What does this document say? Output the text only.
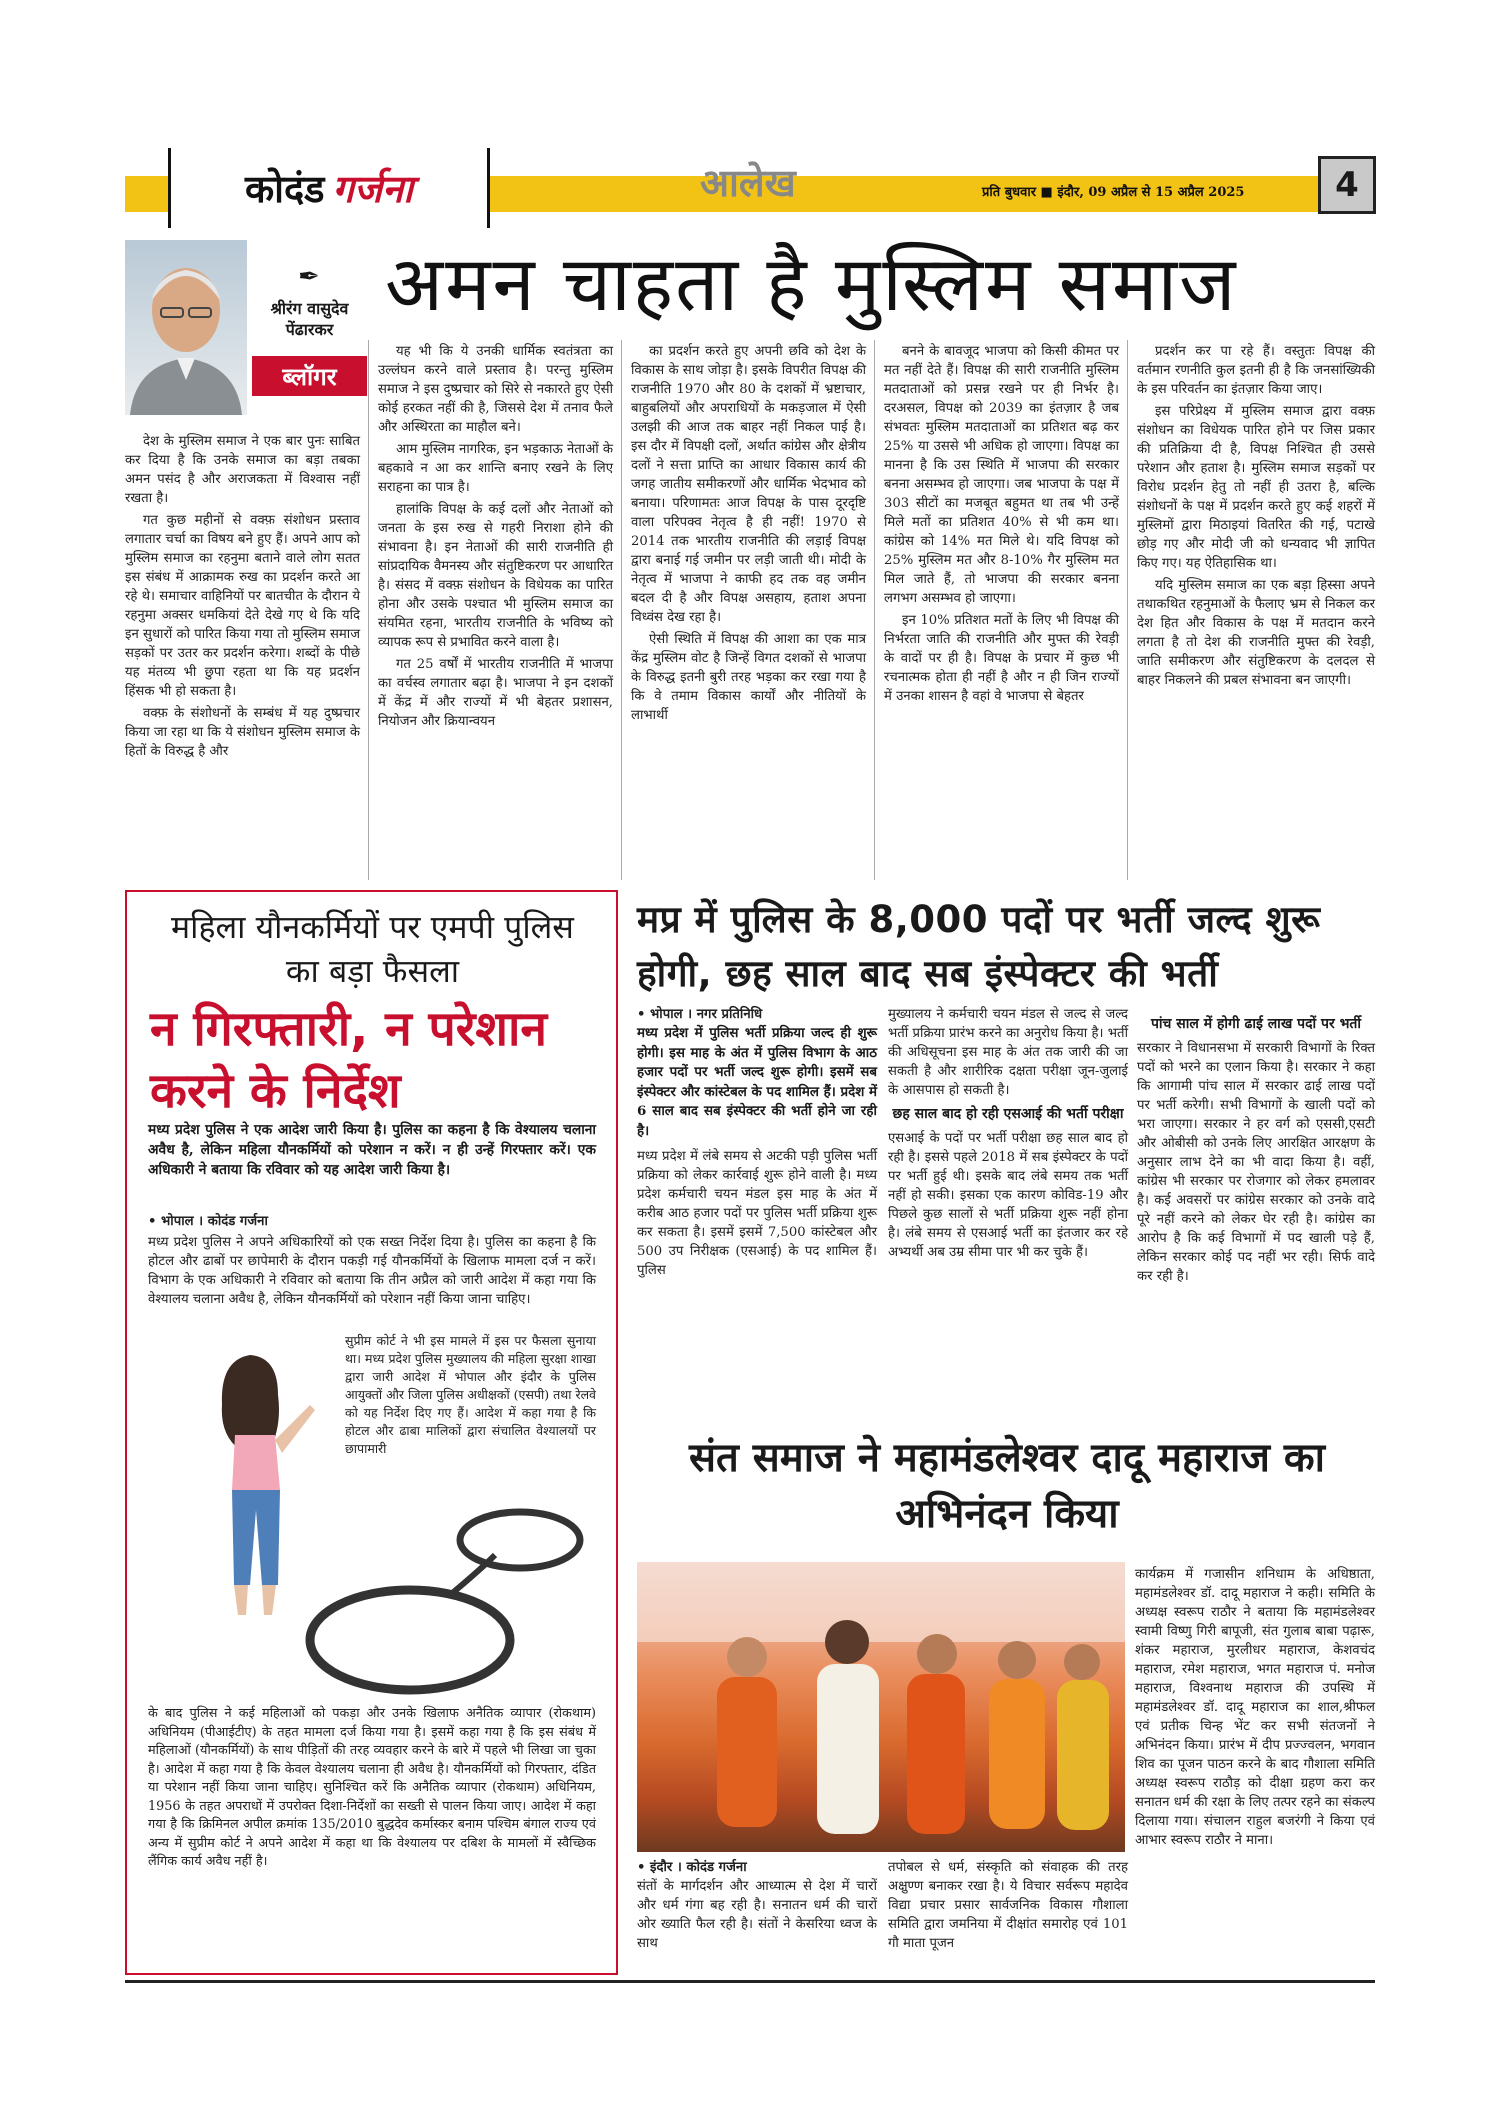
कोदंड गर्जना	आलेख	प्रति बुधवार ■ इंदौर, 09 अप्रैल से 15 अप्रैल 2025	4
✒
श्रीरंग वासुदेव पेंढारकर
ब्लॉगर
अमन चाहता है मुस्लिम समाज

देश के मुस्लिम समाज ने एक बार पुनः साबित कर दिया है कि उनके समाज का बड़ा तबका अमन पसंद है और अराजकता में विश्वास नहीं रखता है।

गत कुछ महीनों से वक्फ़ संशोधन प्रस्ताव लगातार चर्चा का विषय बने हुए हैं। अपने आप को मुस्लिम समाज का रहनुमा बताने वाले लोग सतत इस संबंध में आक्रामक रुख का प्रदर्शन करते आ रहे थे। समाचार वाहिनियों पर बातचीत के दौरान ये रहनुमा अक्सर धमकियां देते देखे गए थे कि यदि इन सुधारों को पारित किया गया तो मुस्लिम समाज सड़कों पर उतर कर प्रदर्शन करेगा। शब्दों के पीछे यह मंतव्य भी छुपा रहता था कि यह प्रदर्शन हिंसक भी हो सकता है।

वक्फ़ के संशोधनों के सम्बंध में यह दुष्प्रचार किया जा रहा था कि ये संशोधन मुस्लिम समाज के हितों के विरुद्ध है और

यह भी कि ये उनकी धार्मिक स्वतंत्रता का उल्लंघन करने वाले प्रस्ताव है। परन्तु मुस्लिम समाज ने इस दुष्प्रचार को सिरे से नकारते हुए ऐसी कोई हरकत नहीं की है, जिससे देश में तनाव फैले और अस्थिरता का माहौल बने।

आम मुस्लिम नागरिक, इन भड़काऊ नेताओं के बहकावे न आ कर शान्ति बनाए रखने के लिए सराहना का पात्र है।

हालांकि विपक्ष के कई दलों और नेताओं को जनता के इस रुख से गहरी निराशा होने की संभावना है। इन नेताओं की सारी राजनीति ही सांप्रदायिक वैमनस्य और संतुष्टिकरण पर आधारित है। संसद में वक्फ़ संशोधन के विधेयक का पारित होना और उसके पश्चात भी मुस्लिम समाज का संयमित रहना, भारतीय राजनीति के भविष्य को व्यापक रूप से प्रभावित करने वाला है।

गत 25 वर्षों में भारतीय राजनीति में भाजपा का वर्चस्व लगातार बढ़ा है। भाजपा ने इन दशकों में केंद्र में और राज्यों में भी बेहतर प्रशासन, नियोजन और क्रियान्वयन

का प्रदर्शन करते हुए अपनी छवि को देश के विकास के साथ जोड़ा है। इसके विपरीत विपक्ष की राजनीति 1970 और 80 के दशकों में भ्रष्टाचार, बाहुबलियों और अपराधियों के मकड़जाल में ऐसी उलझी की आज तक बाहर नहीं निकल पाई है। इस दौर में विपक्षी दलों, अर्थात कांग्रेस और क्षेत्रीय दलों ने सत्ता प्राप्ति का आधार विकास कार्य की जगह जातीय समीकरणों और धार्मिक भेदभाव को बनाया। परिणामतः आज विपक्ष के पास दूरदृष्टि वाला परिपक्व नेतृत्व है ही नहीं! 1970 से 2014 तक भारतीय राजनीति की लड़ाई विपक्ष द्वारा बनाई गई जमीन पर लड़ी जाती थी। मोदी के नेतृत्व में भाजपा ने काफी हद तक वह जमीन बदल दी है और विपक्ष असहाय, हताश अपना विध्वंस देख रहा है।

ऐसी स्थिति में विपक्ष की आशा का एक मात्र केंद्र मुस्लिम वोट है जिन्हें विगत दशकों से भाजपा के विरुद्ध इतनी बुरी तरह भड़का कर रखा गया है कि वे तमाम विकास कार्यों और नीतियों के लाभार्थी

बनने के बावजूद भाजपा को किसी कीमत पर मत नहीं देते हैं। विपक्ष की सारी राजनीति मुस्लिम मतदाताओं को प्रसन्न रखने पर ही निर्भर है। दरअसल, विपक्ष को 2039 का इंतज़ार है जब संभवतः मुस्लिम मतदाताओं का प्रतिशत बढ़ कर 25% या उससे भी अधिक हो जाएगा। विपक्ष का मानना है कि उस स्थिति में भाजपा की सरकार बनना असम्भव हो जाएगा। जब भाजपा के पक्ष में 303 सीटों का मजबूत बहुमत था तब भी उन्हें मिले मतों का प्रतिशत 40% से भी कम था। कांग्रेस को 14% मत मिले थे। यदि विपक्ष को 25% मुस्लिम मत और 8-10% गैर मुस्लिम मत मिल जाते हैं, तो भाजपा की सरकार बनना लगभग असम्भव हो जाएगा।

इन 10% प्रतिशत मतों के लिए भी विपक्ष की निर्भरता जाति की राजनीति और मुफ्त की रेवड़ी के वादों पर ही है। विपक्ष के प्रचार में कुछ भी रचनात्मक होता ही नहीं है और न ही जिन राज्यों में उनका शासन है वहां वे भाजपा से बेहतर

प्रदर्शन कर पा रहे हैं। वस्तुतः विपक्ष की वर्तमान रणनीति कुल इतनी ही है कि जनसांख्यिकी के इस परिवर्तन का इंतज़ार किया जाए।

इस परिप्रेक्ष्य में मुस्लिम समाज द्वारा वक्फ़ संशोधन का विधेयक पारित होने पर जिस प्रकार की प्रतिक्रिया दी है, विपक्ष निश्चित ही उससे परेशान और हताश है। मुस्लिम समाज सड़कों पर विरोध प्रदर्शन हेतु तो नहीं ही उतरा है, बल्कि संशोधनों के पक्ष में प्रदर्शन करते हुए कई शहरों में मुस्लिमों द्वारा मिठाइयां वितरित की गई, पटाखे छोड़ गए और मोदी जी को धन्यवाद भी ज्ञापित किए गए। यह ऐतिहासिक था।

यदि मुस्लिम समाज का एक बड़ा हिस्सा अपने तथाकथित रहनुमाओं के फैलाए भ्रम से निकल कर देश हित और विकास के पक्ष में मतदान करने लगता है तो देश की राजनीति मुफ्त की रेवड़ी, जाति समीकरण और संतुष्टिकरण के दलदल से बाहर निकलने की प्रबल संभावना बन जाएगी।

महिला यौनकर्मियों पर एमपी पुलिस का बड़ा फैसला
न गिरफ्तारी, न परेशान करने के निर्देश
मध्य प्रदेश पुलिस ने एक आदेश जारी किया है। पुलिस का कहना है कि वेश्यालय चलाना अवैध है, लेकिन महिला यौनकर्मियों को परेशान न करें। न ही उन्हें गिरफ्तार करें। एक अधिकारी ने बताया कि रविवार को यह आदेश जारी किया है।
• भोपाल । कोदंड गर्जना
मध्य प्रदेश पुलिस ने अपने अधिकारियों को एक सख्त निर्देश दिया है। पुलिस का कहना है कि होटल और ढाबों पर छापेमारी के दौरान पकड़ी गई यौनकर्मियों के खिलाफ मामला दर्ज न करें। विभाग के एक अधिकारी ने रविवार को बताया कि तीन अप्रैल को जारी आदेश में कहा गया कि वेश्यालय चलाना अवैध है, लेकिन यौनकर्मियों को परेशान नहीं किया जाना चाहिए।
सुप्रीम कोर्ट ने भी इस मामले में इस पर फैसला सुनाया था। मध्य प्रदेश पुलिस मुख्यालय की महिला सुरक्षा शाखा द्वारा जारी आदेश में भोपाल और इंदौर के पुलिस आयुक्तों और जिला पुलिस अधीक्षकों (एसपी) तथा रेलवे को यह निर्देश दिए गए हैं। आदेश में कहा गया है कि होटल और ढाबा मालिकों द्वारा संचालित वेश्यालयों पर छापामारी
के बाद पुलिस ने कई महिलाओं को पकड़ा और उनके खिलाफ अनैतिक व्यापार (रोकथाम) अधिनियम (पीआईटीए) के तहत मामला दर्ज किया गया है। इसमें कहा गया है कि इस संबंध में महिलाओं (यौनकर्मियों) के साथ पीड़ितों की तरह व्यवहार करने के बारे में पहले भी लिखा जा चुका है। आदेश में कहा गया है कि केवल वेश्यालय चलाना ही अवैध है। यौनकर्मियों को गिरफ्तार, दंडित या परेशान नहीं किया जाना चाहिए। सुनिश्चित करें कि अनैतिक व्यापार (रोकथाम) अधिनियम, 1956 के तहत अपराधों में उपरोक्त दिशा-निर्देशों का सख्ती से पालन किया जाए। आदेश में कहा गया है कि क्रिमिनल अपील क्रमांक 135/2010 बुद्धदेव कर्मास्कर बनाम पश्चिम बंगाल राज्य एवं अन्य में सुप्रीम कोर्ट ने अपने आदेश में कहा था कि वेश्यालय पर दबिश के मामलों में स्वैच्छिक लैंगिक कार्य अवैध नहीं है।
मप्र में पुलिस के 8,000 पदों पर भर्ती जल्द शुरू होगी, छह साल बाद सब इंस्पेक्टर की भर्ती
• भोपाल । नगर प्रतिनिधि
मध्य प्रदेश में पुलिस भर्ती प्रक्रिया जल्द ही शुरू होगी। इस माह के अंत में पुलिस विभाग के आठ हजार पदों पर भर्ती जल्द शुरू होगी। इसमें सब इंस्पेक्टर और कांस्टेबल के पद शामिल हैं। प्रदेश में 6 साल बाद सब इंस्पेक्टर की भर्ती होने जा रही है।
मध्य प्रदेश में लंबे समय से अटकी पड़ी पुलिस भर्ती प्रक्रिया को लेकर कार्रवाई शुरू होने वाली है। मध्य प्रदेश कर्मचारी चयन मंडल इस माह के अंत में करीब आठ हजार पदों पर पुलिस भर्ती प्रक्रिया शुरू कर सकता है। इसमें इसमें 7,500 कांस्टेबल और 500 उप निरीक्षक (एसआई) के पद शामिल हैं। पुलिस
मुख्यालय ने कर्मचारी चयन मंडल से जल्द से जल्द भर्ती प्रक्रिया प्रारंभ करने का अनुरोध किया है। भर्ती की अधिसूचना इस माह के अंत तक जारी की जा सकती है और शारीरिक दक्षता परीक्षा जून-जुलाई के आसपास हो सकती है।
छह साल बाद हो रही एसआई की भर्ती परीक्षा
एसआई के पदों पर भर्ती परीक्षा छह साल बाद हो रही है। इससे पहले 2018 में सब इंस्पेक्टर के पदों पर भर्ती हुई थी। इसके बाद लंबे समय तक भर्ती नहीं हो सकी। इसका एक कारण कोविड-19 और पिछले कुछ सालों से भर्ती प्रक्रिया शुरू नहीं होना है। लंबे समय से एसआई भर्ती का इंतजार कर रहे अभ्यर्थी अब उम्र सीमा पार भी कर चुके हैं।
पांच साल में होगी ढाई लाख पदों पर भर्ती
सरकार ने विधानसभा में सरकारी विभागों के रिक्त पदों को भरने का एलान किया है। सरकार ने कहा कि आगामी पांच साल में सरकार ढाई लाख पदों पर भर्ती करेगी। सभी विभागों के खाली पदों को भरा जाएगा। सरकार ने हर वर्ग को एससी,एसटी और ओबीसी को उनके लिए आरक्षित आरक्षण के अनुसार लाभ देने का भी वादा किया है। वहीं, कांग्रेस भी सरकार पर रोजगार को लेकर हमलावर है। कई अवसरों पर कांग्रेस सरकार को उनके वादे पूरे नहीं करने को लेकर घेर रही है। कांग्रेस का आरोप है कि कई विभागों में पद खाली पड़े हैं, लेकिन सरकार कोई पद नहीं भर रही। सिर्फ वादे कर रही है।
संत समाज ने महामंडलेश्वर दादू महाराज का अभिनंदन किया
कार्यक्रम में गजासीन शनिधाम के अधिष्ठाता, महामंडलेश्वर डॉ. दादू महाराज ने कही। समिति के अध्यक्ष स्वरूप राठौर ने बताया कि महामंडलेश्वर स्वामी विष्णु गिरी बापूजी, संत गुलाब बाबा पढ़ारू, शंकर महाराज, मुरलीधर महाराज, केशवचंद महाराज, रमेश महाराज, भगत महाराज पं. मनोज महाराज, विश्वनाथ महाराज की उपस्थि में महामंडलेश्वर डॉ. दादू महाराज का शाल,श्रीफल एवं प्रतीक चिन्ह भेंट कर सभी संतजनों ने अभिनंदन किया। प्रारंभ में दीप प्रज्ज्वलन, भगवान शिव का पूजन पाठन करने के बाद गौशाला समिति अध्यक्ष स्वरूप राठौड़ को दीक्षा ग्रहण करा कर सनातन धर्म की रक्षा के लिए तत्पर रहने का संकल्प दिलाया गया। संचालन राहुल बजरंगी ने किया एवं आभार स्वरूप राठौर ने माना।
• इंदौर । कोदंड गर्जना
संतों के मार्गदर्शन और आध्यात्म से देश में चारों और धर्म गंगा बह रही है। सनातन धर्म की चारों ओर ख्याति फैल रही है। संतों ने केसरिया ध्वज के साथ
तपोबल से धर्म, संस्कृति को संवाहक की तरह अक्षुण्ण बनाकर रखा है। ये विचार सर्वरूप महादेव विद्या प्रचार प्रसार सार्वजनिक विकास गौशाला समिति द्वारा जमनिया में दीक्षांत समारोह एवं 101 गौ माता पूजन
